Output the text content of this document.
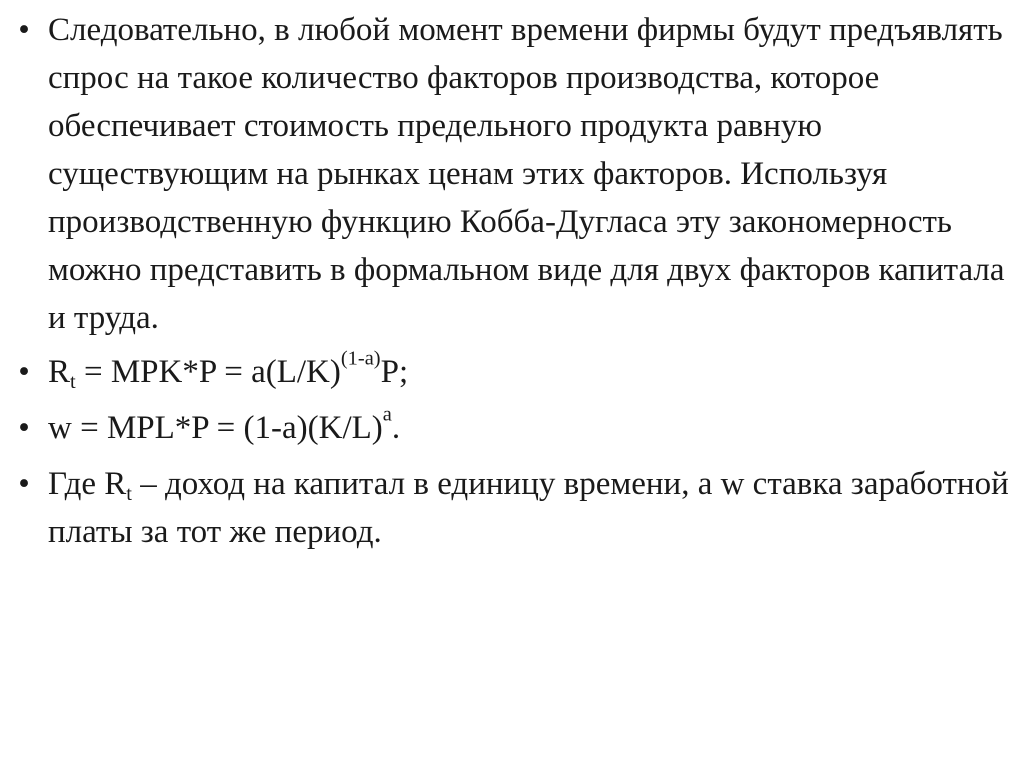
• Следовательно, в любой момент времени фирмы будут предъявлять спрос на такое количество факторов производства, которое обеспечивает стоимость предельного продукта равную существующим на рынках ценам этих факторов. Используя производственную функцию Кобба-Дугласа эту закономерность можно представить в формальном виде для двух факторов капитала и труда.
• $R_t = MPK*P = a(L/K)^{(1-a)}P$;
• $w = MPL*P = (1-a)(K/L)^a$.
• Где $R_t$ – доход на капитал в единицу времени, а w ставка заработной платы за тот же период.
